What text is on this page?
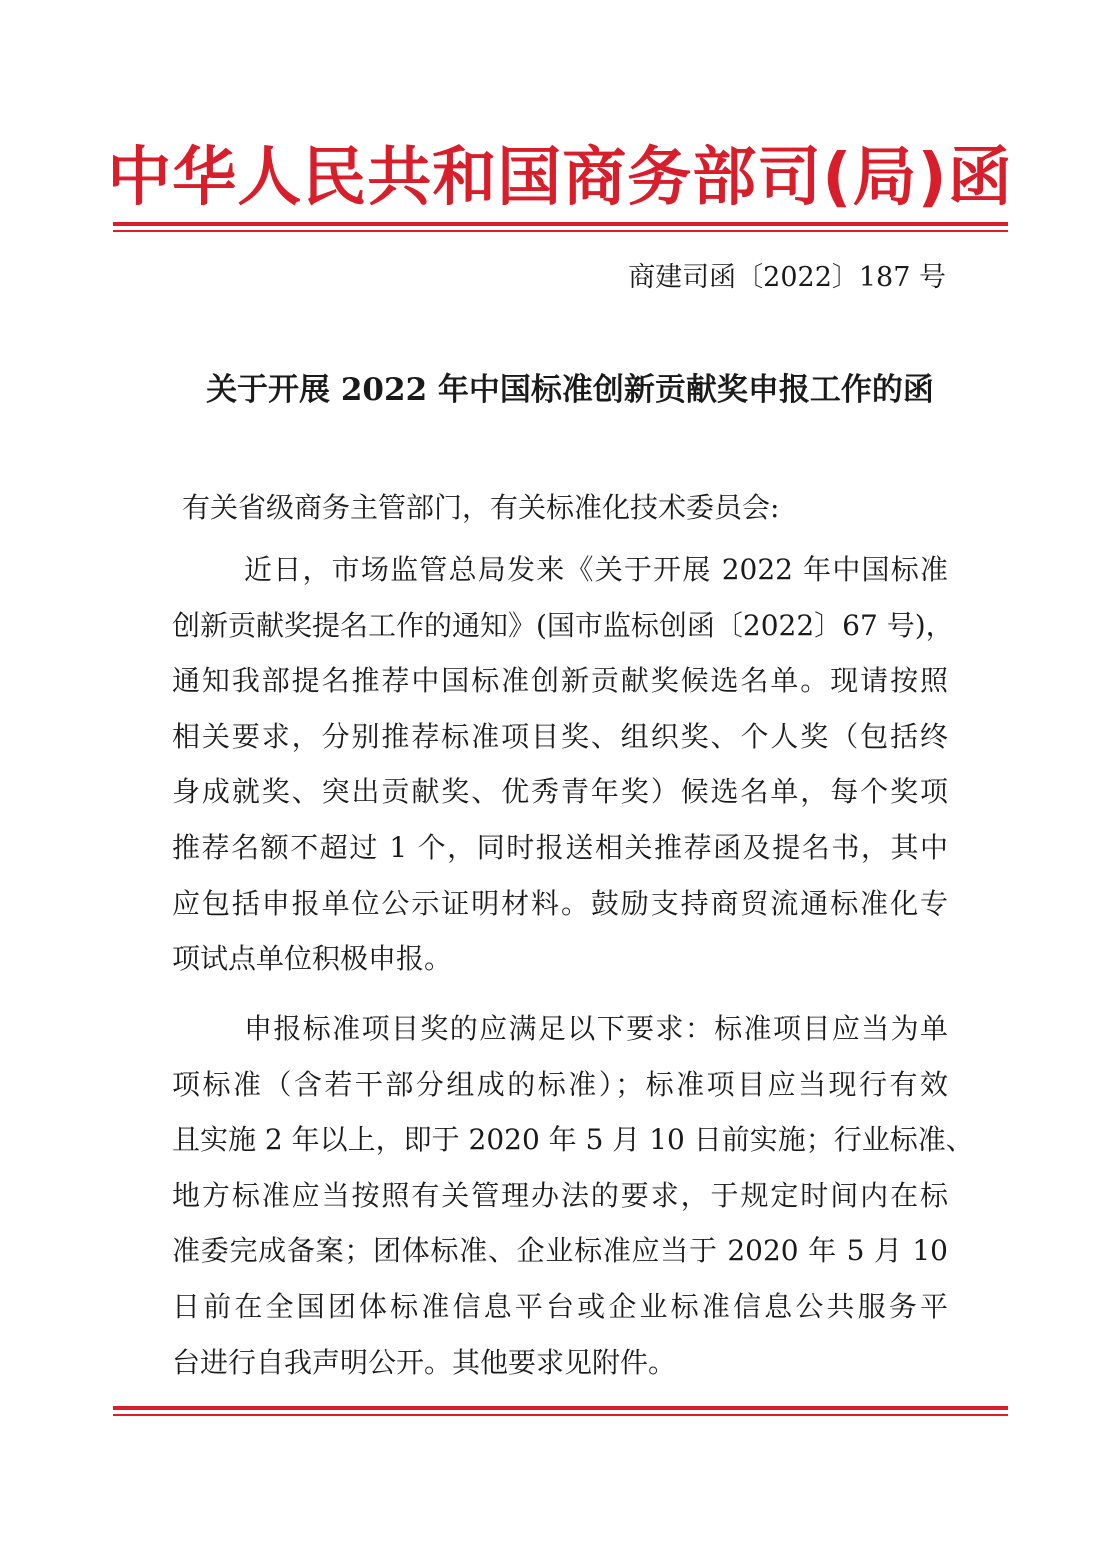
中华人民共和国商务部司(局)函
商建司函〔2022〕187 号
关于开展 2022 年中国标准创新贡献奖申报工作的函
有关省级商务主管部门，有关标准化技术委员会:
近日，市场监管总局发来《关于开展 2022 年中国标准
创新贡献奖提名工作的通知》(国市监标创函〔2022〕67 号)，
通知我部提名推荐中国标准创新贡献奖候选名单。现请按照
相关要求，分别推荐标准项目奖、组织奖、个人奖（包括终
身成就奖、突出贡献奖、优秀青年奖）候选名单，每个奖项
推荐名额不超过 1 个，同时报送相关推荐函及提名书，其中
应包括申报单位公示证明材料。鼓励支持商贸流通标准化专
项试点单位积极申报。
申报标准项目奖的应满足以下要求：标准项目应当为单
项标准（含若干部分组成的标准）；标准项目应当现行有效
且实施 2 年以上，即于 2020 年 5 月 10 日前实施；行业标准、
地方标准应当按照有关管理办法的要求，于规定时间内在标
准委完成备案；团体标准、企业标准应当于 2020 年 5 月 10
日前在全国团体标准信息平台或企业标准信息公共服务平
台进行自我声明公开。其他要求见附件。
